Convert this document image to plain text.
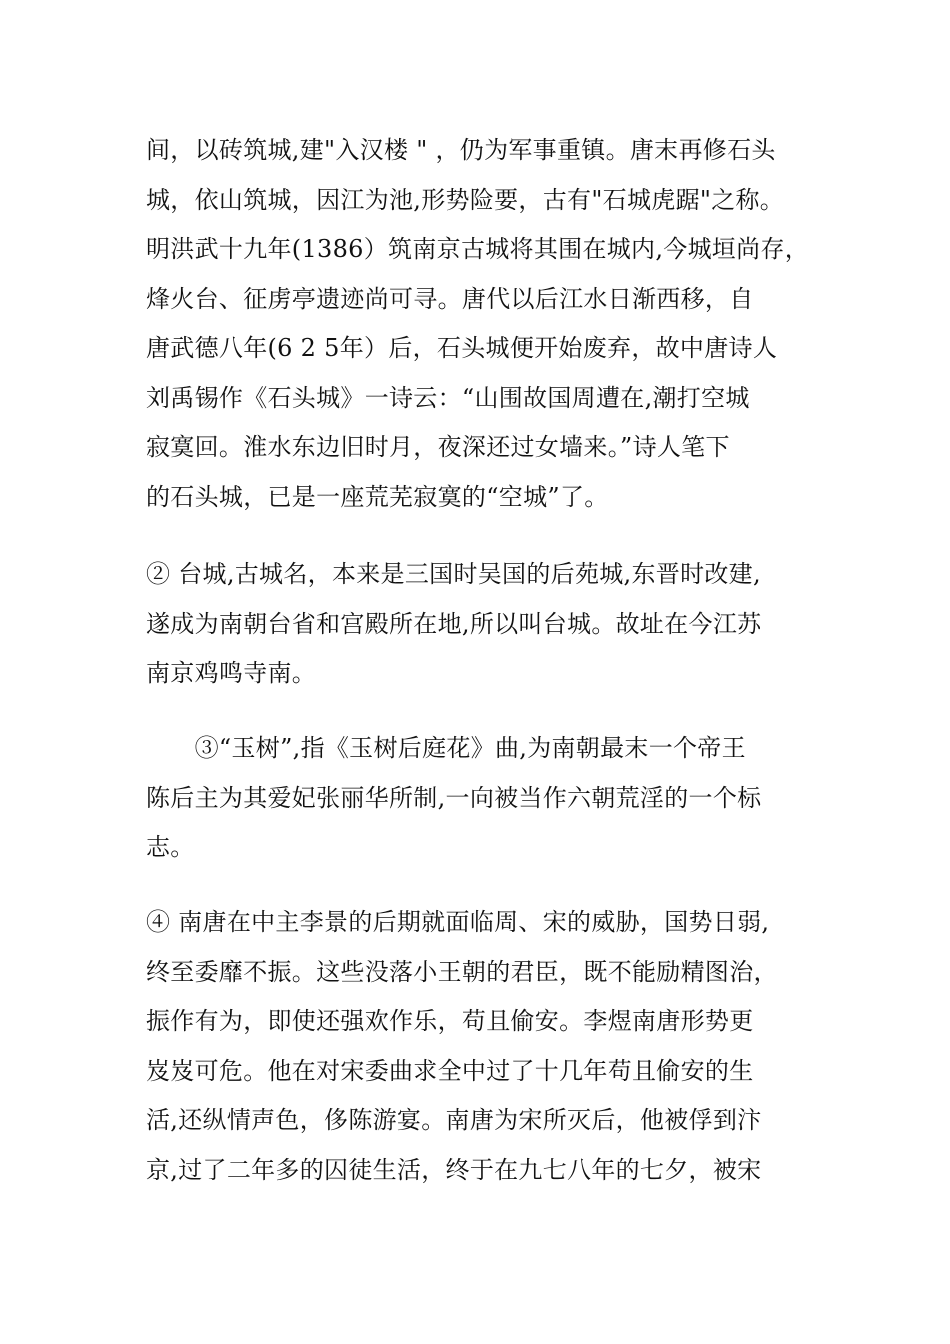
间，以砖筑城,建"入汉楼 " ，仍为军事重镇。唐末再修石头
城，依山筑城，因江为池,形势险要，古有"石城虎踞"之称。
明洪武十九年(1386）筑南京古城将其围在城内,今城垣尚存，
烽火台、征虏亭遗迹尚可寻。唐代以后江水日渐西移，自
唐武德八年(6 2 5年）后，石头城便开始废弃，故中唐诗人
刘禹锡作《石头城》一诗云：“山围故国周遭在,潮打空城
寂寞回。淮水东边旧时月，夜深还过女墙来。”诗人笔下
的石头城，已是一座荒芜寂寞的“空城”了。
② 台城,古城名，本来是三国时吴国的后苑城,东晋时改建,
遂成为南朝台省和宫殿所在地,所以叫台城。故址在今江苏
南京鸡鸣寺南。
　　③“玉树”,指《玉树后庭花》曲,为南朝最末一个帝王
陈后主为其爱妃张丽华所制,一向被当作六朝荒淫的一个标
志。
④ 南唐在中主李景的后期就面临周、宋的威胁，国势日弱,
终至委靡不振。这些没落小王朝的君臣，既不能励精图治，
振作有为，即使还强欢作乐，苟且偷安。李煜南唐形势更
岌岌可危。他在对宋委曲求全中过了十几年苟且偷安的生
活,还纵情声色，侈陈游宴。南唐为宋所灭后，他被俘到汴
京,过了二年多的囚徒生活，终于在九七八年的七夕，被宋
